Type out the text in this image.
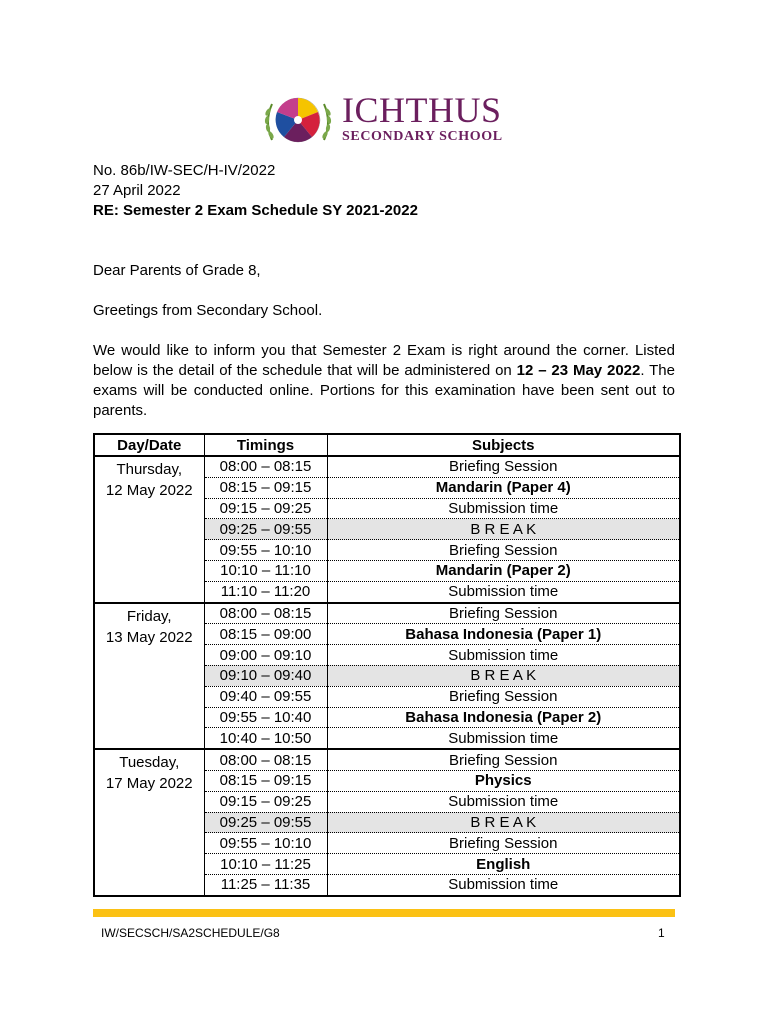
ICHTHUS
SECONDARY SCHOOL
No. 86b/IW-SEC/H-IV/2022
27 April 2022
RE: Semester 2 Exam Schedule SY 2021-2022
Dear Parents of Grade 8,
Greetings from Secondary School.
We would like to inform you that Semester 2 Exam is right around the corner. Listed below is the detail of the schedule that will be administered on 12 – 23 May 2022. The exams will be conducted online. Portions for this examination have been sent out to parents.
Day/Date	Timings	Subjects
Thursday,
12 May 2022	08:00 – 08:15	Briefing Session
	08:15 – 09:15	Mandarin (Paper 4)
	09:15 – 09:25	Submission time
	09:25 – 09:55	B R E A K
	09:55 – 10:10	Briefing Session
	10:10 – 11:10	Mandarin (Paper 2)
	11:10 – 11:20	Submission time
Friday,
13 May 2022	08:00 – 08:15	Briefing Session
	08:15 – 09:00	Bahasa Indonesia (Paper 1)
	09:00 – 09:10	Submission time
	09:10 – 09:40	B R E A K
	09:40 – 09:55	Briefing Session
	09:55 – 10:40	Bahasa Indonesia (Paper 2)
	10:40 – 10:50	Submission time
Tuesday,
17 May 2022	08:00 – 08:15	Briefing Session
	08:15 – 09:15	Physics
	09:15 – 09:25	Submission time
	09:25 – 09:55	B R E A K
	09:55 – 10:10	Briefing Session
	10:10 – 11:25	English
	11:25 – 11:35	Submission time
IW/SECSCH/SA2SCHEDULE/G8	1
